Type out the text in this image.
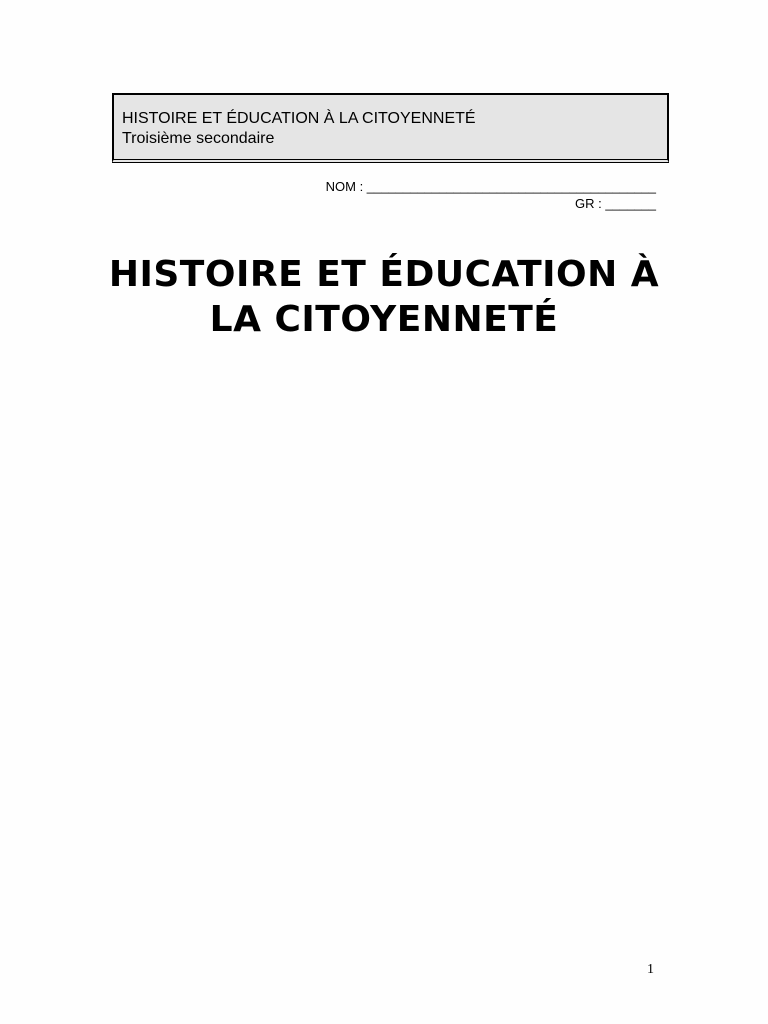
HISTOIRE ET ÉDUCATION À LA CITOYENNETÉ
Troisième secondaire
NOM : ________________________________________
GR : _______
HISTOIRE ET ÉDUCATION À
LA CITOYENNETÉ
1
